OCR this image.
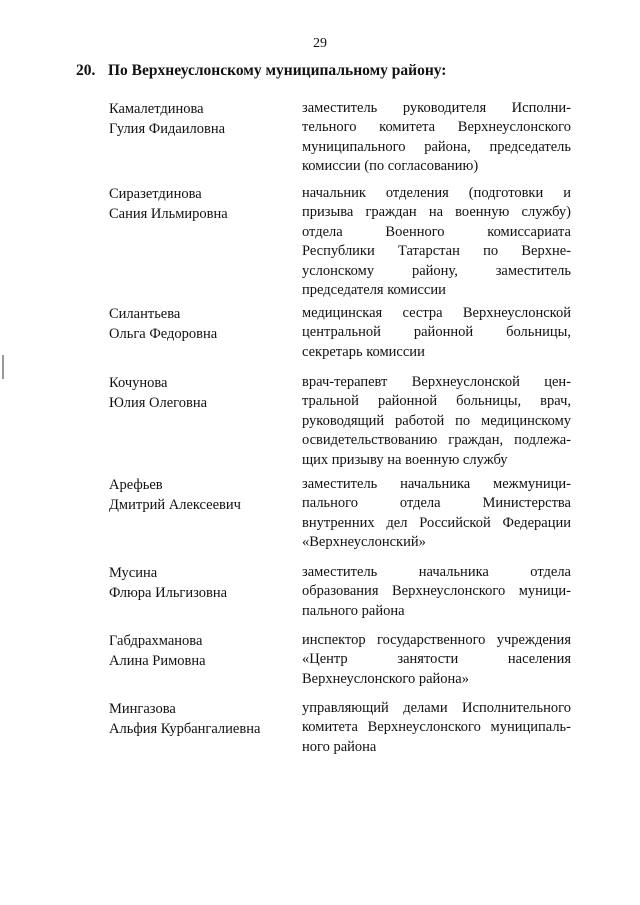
29
20. По Верхнеуслонскому муниципальному району:
Камалетдинова
Гулия Фидаиловна
заместитель руководителя Исполни-
тельного комитета Верхнеуслонского
муниципального района, председатель
комиссии (по согласованию)
Сиразетдинова
Сания Ильмировна
начальник отделения (подготовки и
призыва граждан на военную службу)
отдела Военного комиссариата
Республики Татарстан по Верхне-
услонскому району, заместитель
председателя комиссии
Силантьева
Ольга Федоровна
медицинская сестра Верхнеуслонской
центральной районной больницы,
секретарь комиссии
Кочунова
Юлия Олеговна
врач-терапевт Верхнеуслонской цен-
тральной районной больницы, врач,
руководящий работой по медицинскому
освидетельствованию граждан, подлежа-
щих призыву на военную службу
Арефьев
Дмитрий Алексеевич
заместитель начальника межмуници-
пального отдела Министерства
внутренних дел Российской Федерации
«Верхнеуслонский»
Мусина
Флюра Ильгизовна
заместитель начальника отдела
образования Верхнеуслонского муници-
пального района
Габдрахманова
Алина Римовна
инспектор государственного учреждения
«Центр занятости населения
Верхнеуслонского района»
Мингазова
Альфия Курбангалиевна
управляющий делами Исполнительного
комитета Верхнеуслонского муниципаль-
ного района
